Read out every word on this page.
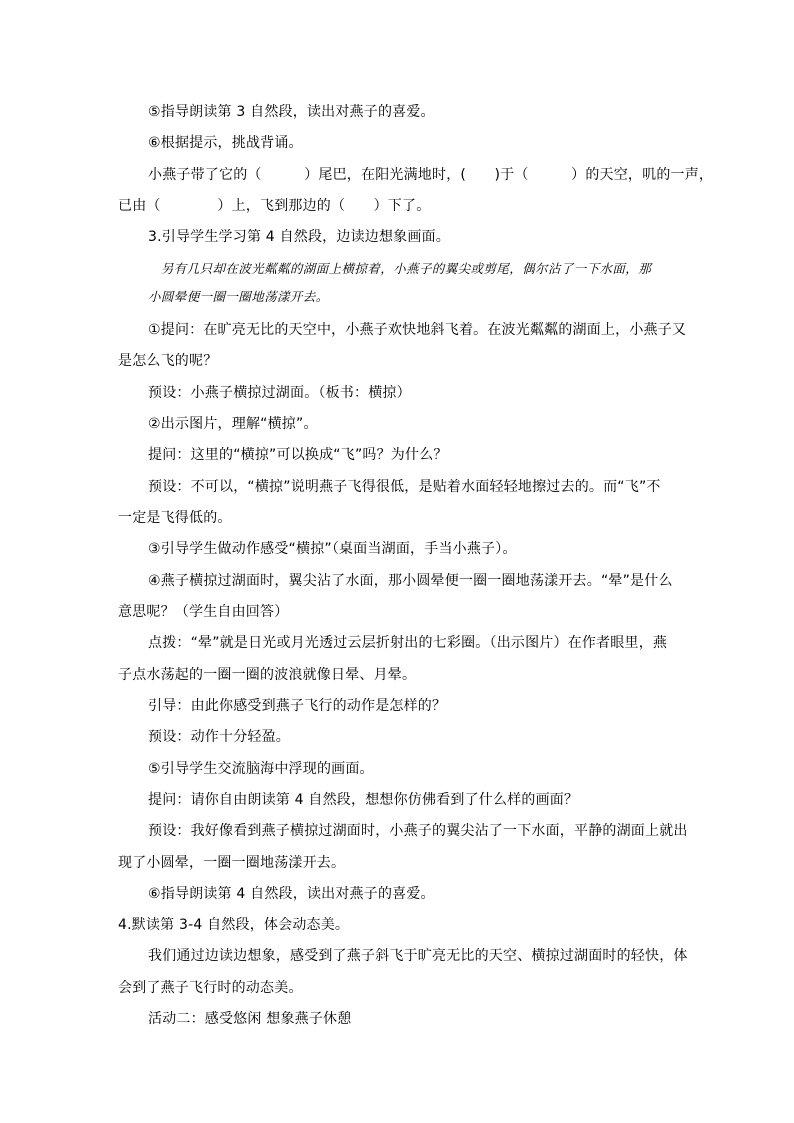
⑤指导朗读第 3 自然段，读出对燕子的喜爱。
⑥根据提示，挑战背诵。
小燕子带了它的（　　　）尾巴，在阳光满地时，(　　)于（　　　）的天空，叽的一声，
已由（　　　　）上，飞到那边的（　　）下了。
3.引导学生学习第 4 自然段，边读边想象画面。
　另有几只却在波光粼粼的湖面上横掠着，小燕子的翼尖或剪尾，偶尔沾了一下水面，那
小圆晕便一圈一圈地荡漾开去。
①提问：在旷亮无比的天空中，小燕子欢快地斜飞着。在波光粼粼的湖面上，小燕子又
是怎么飞的呢？
预设：小燕子横掠过湖面。（板书：横掠）
②出示图片，理解“横掠”。
提问：这里的“横掠”可以换成“飞”吗？为什么？
预设：不可以，“横掠”说明燕子飞得很低，是贴着水面轻轻地擦过去的。而“飞”不
一定是飞得低的。
③引导学生做动作感受“横掠”（桌面当湖面，手当小燕子）。
④燕子横掠过湖面时，翼尖沾了水面，那小圆晕便一圈一圈地荡漾开去。“晕”是什么
意思呢？（学生自由回答）
点拨：“晕”就是日光或月光透过云层折射出的七彩圈。（出示图片）在作者眼里，燕
子点水荡起的一圈一圈的波浪就像日晕、月晕。
引导：由此你感受到燕子飞行的动作是怎样的？
预设：动作十分轻盈。
⑤引导学生交流脑海中浮现的画面。
提问：请你自由朗读第 4 自然段，想想你仿佛看到了什么样的画面？
预设：我好像看到燕子横掠过湖面时，小燕子的翼尖沾了一下水面，平静的湖面上就出
现了小圆晕，一圈一圈地荡漾开去。
⑥指导朗读第 4 自然段，读出对燕子的喜爱。
4.默读第 3-4 自然段，体会动态美。
我们通过边读边想象，感受到了燕子斜飞于旷亮无比的天空、横掠过湖面时的轻快，体
会到了燕子飞行时的动态美。
活动二：感受悠闲 想象燕子休憩
